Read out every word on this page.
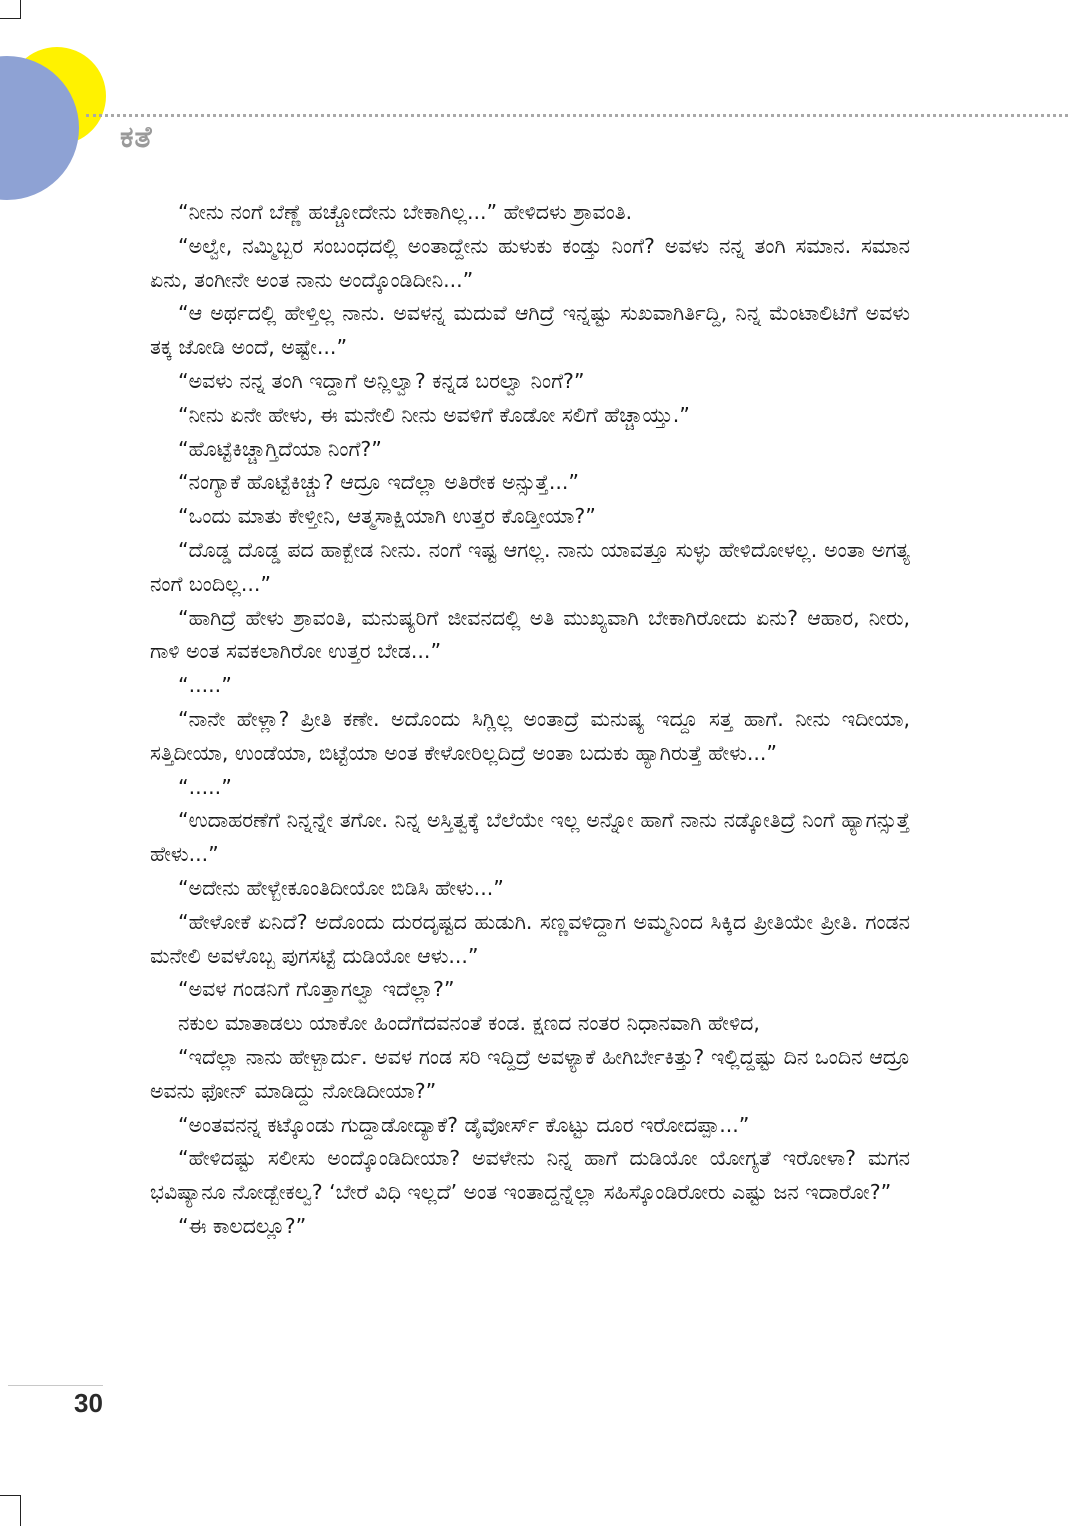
ಕತೆ

“ನೀನು ನಂಗೆ ಬೆಣ್ಣೆ ಹಚ್ಚೋದೇನು ಬೇಕಾಗಿಲ್ಲ...” ಹೇಳಿದಳು ಶ್ರಾವಂತಿ.

“ಅಲ್ವೇ, ನಮ್ಮಿಬ್ಬರ ಸಂಬಂಧದಲ್ಲಿ ಅಂತಾದ್ದೇನು ಹುಳುಕು ಕಂಡ್ತು ನಿಂಗೆ? ಅವಳು ನನ್ನ ತಂಗಿ ಸಮಾನ. ಸಮಾನ ಏನು, ತಂಗೀನೇ ಅಂತ ನಾನು ಅಂದ್ಕೊಂಡಿದೀನಿ...”

“ಆ ಅರ್ಥದಲ್ಲಿ ಹೇಳ್ತಿಲ್ಲ ನಾನು. ಅವಳನ್ನ ಮದುವೆ ಆಗಿದ್ರೆ ಇನ್ನಷ್ಟು ಸುಖವಾಗಿರ್ತಿದ್ದಿ, ನಿನ್ನ ಮೆಂಟಾಲಿಟಿಗೆ ಅವಳು ತಕ್ಕ ಜೋಡಿ ಅಂದೆ, ಅಷ್ಟೇ...”

“ಅವಳು ನನ್ನ ತಂಗಿ ಇದ್ದಾಗೆ ಅನ್ಲಿಲ್ವಾ? ಕನ್ನಡ ಬರಲ್ವಾ ನಿಂಗೆ?”

“ನೀನು ಏನೇ ಹೇಳು, ಈ ಮನೇಲಿ ನೀನು ಅವಳಿಗೆ ಕೊಡೋ ಸಲಿಗೆ ಹೆಚ್ಚಾಯ್ತು.”

“ಹೊಟ್ಟೆಕಿಚ್ಚಾಗ್ತಿದೆಯಾ ನಿಂಗೆ?”

“ನಂಗ್ಯಾಕೆ ಹೊಟ್ಟೆಕಿಚ್ಚು? ಆದ್ರೂ ಇದೆಲ್ಲಾ ಅತಿರೇಕ ಅನ್ಸುತ್ತೆ...”

“ಒಂದು ಮಾತು ಕೇಳ್ತೀನಿ, ಆತ್ಮಸಾಕ್ಷಿಯಾಗಿ ಉತ್ತರ ಕೊಡ್ತೀಯಾ?”

“ದೊಡ್ಡ ದೊಡ್ಡ ಪದ ಹಾಕ್ಬೇಡ ನೀನು. ನಂಗೆ ಇಷ್ಟ ಆಗಲ್ಲ. ನಾನು ಯಾವತ್ತೂ ಸುಳ್ಳು ಹೇಳಿದೋಳಲ್ಲ. ಅಂತಾ ಅಗತ್ಯ ನಂಗೆ ಬಂದಿಲ್ಲ...”

“ಹಾಗಿದ್ರೆ ಹೇಳು ಶ್ರಾವಂತಿ, ಮನುಷ್ಯರಿಗೆ ಜೀವನದಲ್ಲಿ ಅತಿ ಮುಖ್ಯವಾಗಿ ಬೇಕಾಗಿರೋದು ಏನು? ಆಹಾರ, ನೀರು, ಗಾಳಿ ಅಂತ ಸವಕಲಾಗಿರೋ ಉತ್ತರ ಬೇಡ...”

“.....”

“ನಾನೇ ಹೇಳ್ಲಾ? ಪ್ರೀತಿ ಕಣೇ. ಅದೊಂದು ಸಿಗ್ಲಿಲ್ಲ ಅಂತಾದ್ರೆ ಮನುಷ್ಯ ಇದ್ದೂ ಸತ್ತ ಹಾಗೆ. ನೀನು ಇದೀಯಾ, ಸತ್ತಿದೀಯಾ, ಉಂಡೆಯಾ, ಬಿಟ್ಟೆಯಾ ಅಂತ ಕೇಳೋರಿಲ್ಲದಿದ್ರೆ ಅಂತಾ ಬದುಕು ಹ್ಯಾಗಿರುತ್ತೆ ಹೇಳು...”

“.....”

“ಉದಾಹರಣೆಗೆ ನಿನ್ನನ್ನೇ ತಗೋ. ನಿನ್ನ ಅಸ್ತಿತ್ವಕ್ಕೆ ಬೆಲೆಯೇ ಇಲ್ಲ ಅನ್ನೋ ಹಾಗೆ ನಾನು ನಡ್ಕೋತಿದ್ರೆ ನಿಂಗೆ ಹ್ಯಾಗನ್ಸುತ್ತೆ ಹೇಳು...”

“ಅದೇನು ಹೇಳ್ಬೇಕೂಂತಿದೀಯೋ ಬಿಡಿಸಿ ಹೇಳು...”

“ಹೇಳೋಕೆ ಏನಿದೆ? ಅದೊಂದು ದುರದೃಷ್ಟದ ಹುಡುಗಿ. ಸಣ್ಣವಳಿದ್ದಾಗ ಅಮ್ಮನಿಂದ ಸಿಕ್ಕಿದ ಪ್ರೀತಿಯೇ ಪ್ರೀತಿ. ಗಂಡನ ಮನೇಲಿ ಅವಳೊಬ್ಬ ಪುಗಸಟ್ಟೆ ದುಡಿಯೋ ಆಳು...”

“ಅವಳ ಗಂಡನಿಗೆ ಗೊತ್ತಾಗಲ್ವಾ ಇದೆಲ್ಲಾ?”

ನಕುಲ ಮಾತಾಡಲು ಯಾಕೋ ಹಿಂದೆಗೆದವನಂತೆ ಕಂಡ. ಕ್ಷಣದ ನಂತರ ನಿಧಾನವಾಗಿ ಹೇಳಿದ,

“ಇದೆಲ್ಲಾ ನಾನು ಹೇಳ್ಬಾರ್ದು. ಅವಳ ಗಂಡ ಸರಿ ಇದ್ದಿದ್ರೆ ಅವಳ್ಯಾಕೆ ಹೀಗಿರ್ಬೇಕಿತ್ತು? ಇಲ್ಲಿದ್ದಷ್ಟು ದಿನ ಒಂದಿನ ಆದ್ರೂ ಅವನು ಫೋನ್ ಮಾಡಿದ್ದು ನೋಡಿದೀಯಾ?”

“ಅಂತವನನ್ನ ಕಟ್ಕೊಂಡು ಗುದ್ದಾಡೋದ್ಯಾಕೆ? ಡೈವೋರ್ಸ್ ಕೊಟ್ಟು ದೂರ ಇರೋದಪ್ಪಾ...”

“ಹೇಳಿದಷ್ಟು ಸಲೀಸು ಅಂದ್ಕೊಂಡಿದೀಯಾ? ಅವಳೇನು ನಿನ್ನ ಹಾಗೆ ದುಡಿಯೋ ಯೋಗ್ಯತೆ ಇರೋಳಾ? ಮಗನ ಭವಿಷ್ಯಾನೂ ನೋಡ್ಬೇಕಲ್ವ? ‘ಬೇರೆ ವಿಧಿ ಇಲ್ಲದೆ’ ಅಂತ ಇಂತಾದ್ದನ್ನೆಲ್ಲಾ ಸಹಿಸ್ಕೊಂಡಿರೋರು ಎಷ್ಟು ಜನ ಇದಾರೋ?”

“ಈ ಕಾಲದಲ್ಲೂ?”

30
